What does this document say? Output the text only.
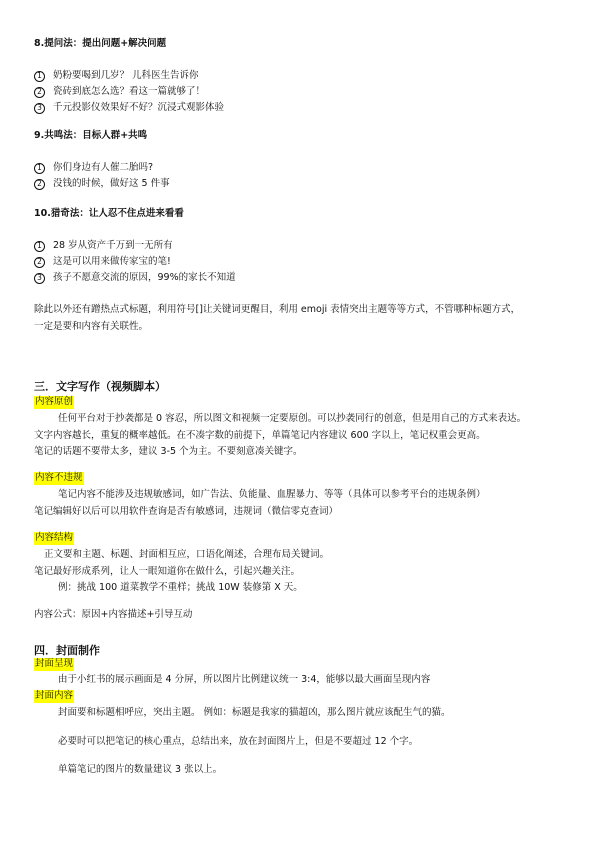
8.提问法：提出问题+解决问题
1	奶粉要喝到几岁？ 儿科医生告诉你
2	瓷砖到底怎么选？看这一篇就够了！
3	千元投影仪效果好不好？沉浸式观影体验
9.共鸣法：目标人群+共鸣
1	你们身边有人催二胎吗?
2	没钱的时候，做好这 5 件事
10.猎奇法：让人忍不住点进来看看
1	28 岁从资产千万到一无所有
2	这是可以用来做传家宝的笔!
3	孩子不愿意交流的原因，99%的家长不知道
除此以外还有蹭热点式标题，利用符号[]让关键词更醒目，利用 emoji 表情突出主题等等方式，不管哪种标题方式，
一定是要和内容有关联性。
三．文字写作（视频脚本）
内容原创
任何平台对于抄袭都是 0 容忍，所以图文和视频一定要原创。可以抄袭同行的创意，但是用自己的方式来表达。
文字内容越长，重复的概率越低。在不凑字数的前提下，单篇笔记内容建议 600 字以上，笔记权重会更高。
笔记的话题不要带太多，建议 3-5 个为主。不要刻意凑关键字。
内容不违规
笔记内容不能涉及违规敏感词，如广告法、负能量、血腥暴力、等等（具体可以参考平台的违规条例）
笔记编辑好以后可以用软件查询是否有敏感词，违规词（微信零克查词）
内容结构
正文要和主题、标题、封面相互应，口语化阐述，合理布局关键词。
笔记最好形成系列，让人一眼知道你在做什么，引起兴趣关注。
例：挑战 100 道菜教学不重样；挑战 10W 装修第 X 天。
内容公式：原因+内容描述+引导互动
四．封面制作
封面呈现
由于小红书的展示画面是 4 分屏，所以图片比例建议统一 3:4，能够以最大画面呈现内容
封面内容
封面要和标题相呼应，突出主题。 例如：标题是我家的猫超凶，那么图片就应该配生气的猫。
必要时可以把笔记的核心重点，总结出来，放在封面图片上，但是不要超过 12 个字。
单篇笔记的图片的数量建议 3 张以上。
